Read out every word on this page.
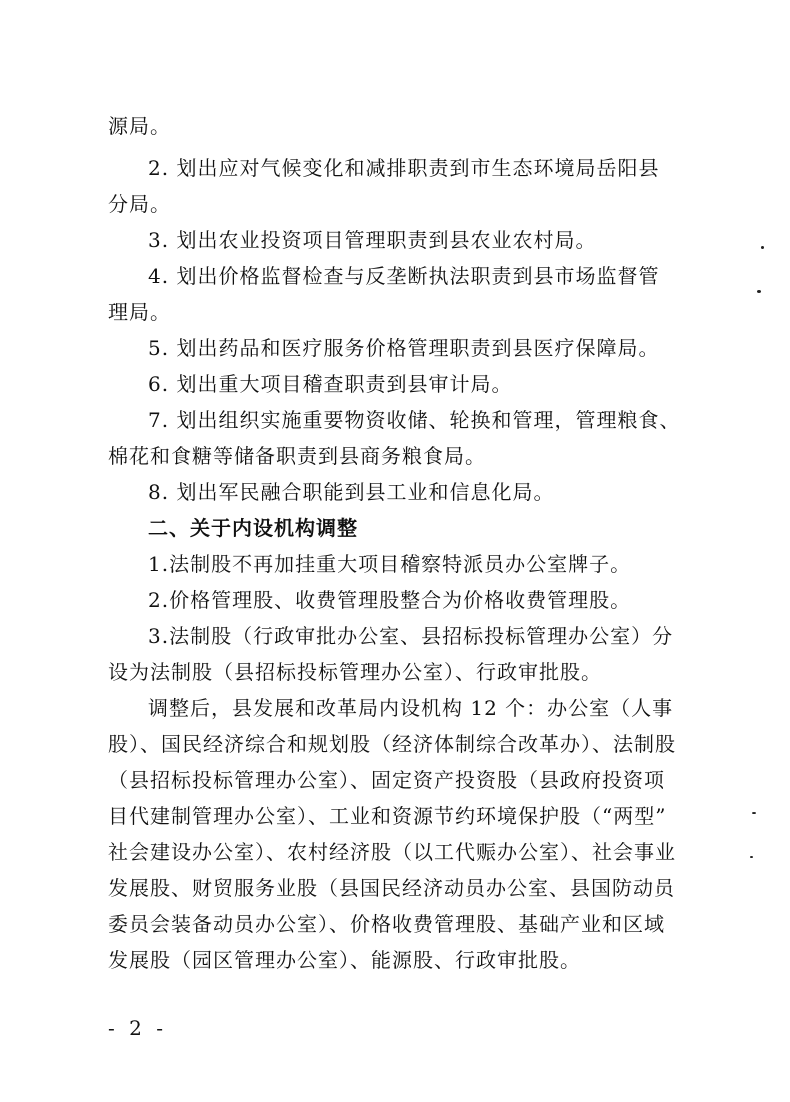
源局。

2. 划出应对气候变化和减排职责到市生态环境局岳阳县

分局。

3. 划出农业投资项目管理职责到县农业农村局。

4. 划出价格监督检查与反垄断执法职责到县市场监督管

理局。

5. 划出药品和医疗服务价格管理职责到县医疗保障局。

6. 划出重大项目稽查职责到县审计局。

7. 划出组织实施重要物资收储、轮换和管理，管理粮食、

棉花和食糖等储备职责到县商务粮食局。

8. 划出军民融合职能到县工业和信息化局。

二、关于内设机构调整

1.法制股不再加挂重大项目稽察特派员办公室牌子。

2.价格管理股、收费管理股整合为价格收费管理股。

3.法制股（行政审批办公室、县招标投标管理办公室）分

设为法制股（县招标投标管理办公室）、行政审批股。

调整后，县发展和改革局内设机构 12 个：办公室（人事

股）、国民经济综合和规划股（经济体制综合改革办）、法制股

（县招标投标管理办公室）、固定资产投资股（县政府投资项

目代建制管理办公室）、工业和资源节约环境保护股（“两型”

社会建设办公室）、农村经济股（以工代赈办公室）、社会事业

发展股、财贸服务业股（县国民经济动员办公室、县国防动员

委员会装备动员办公室）、价格收费管理股、基础产业和区域

发展股（园区管理办公室）、能源股、行政审批股。

- 2 -
